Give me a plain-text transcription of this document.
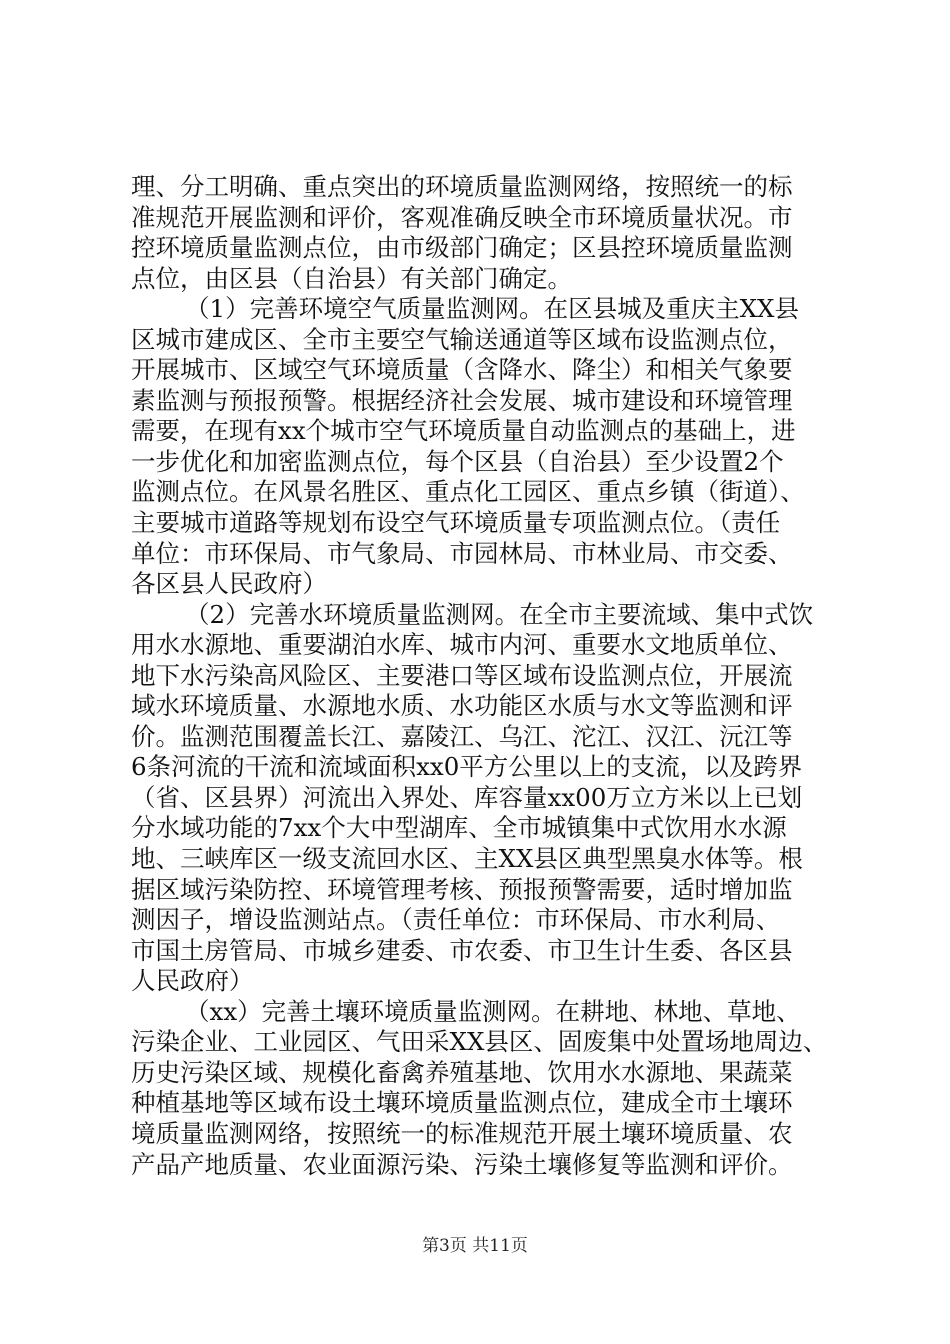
理、分工明确、重点突出的环境质量监测网络，按照统一的标
准规范开展监测和评价，客观准确反映全市环境质量状况。市
控环境质量监测点位，由市级部门确定；区县控环境质量监测
点位，由区县（自治县）有关部门确定。
（1）完善环境空气质量监测网。在区县城及重庆主XX县
区城市建成区、全市主要空气输送通道等区域布设监测点位，
开展城市、区域空气环境质量（含降水、降尘）和相关气象要
素监测与预报预警。根据经济社会发展、城市建设和环境管理
需要，在现有xx个城市空气环境质量自动监测点的基础上，进
一步优化和加密监测点位，每个区县（自治县）至少设置2个
监测点位。在风景名胜区、重点化工园区、重点乡镇（街道）、
主要城市道路等规划布设空气环境质量专项监测点位。（责任
单位：市环保局、市气象局、市园林局、市林业局、市交委、
各区县人民政府）
（2）完善水环境质量监测网。在全市主要流域、集中式饮
用水水源地、重要湖泊水库、城市内河、重要水文地质单位、
地下水污染高风险区、主要港口等区域布设监测点位，开展流
域水环境质量、水源地水质、水功能区水质与水文等监测和评
价。监测范围覆盖长江、嘉陵江、乌江、沱江、汉江、沅江等
6条河流的干流和流域面积xx0平方公里以上的支流，以及跨界
（省、区县界）河流出入界处、库容量xx00万立方米以上已划
分水域功能的7xx个大中型湖库、全市城镇集中式饮用水水源
地、三峡库区一级支流回水区、主XX县区典型黑臭水体等。根
据区域污染防控、环境管理考核、预报预警需要，适时增加监
测因子，增设监测站点。（责任单位：市环保局、市水利局、
市国土房管局、市城乡建委、市农委、市卫生计生委、各区县
人民政府）
（xx）完善土壤环境质量监测网。在耕地、林地、草地、
污染企业、工业园区、气田采XX县区、固废集中处置场地周边、
历史污染区域、规模化畜禽养殖基地、饮用水水源地、果蔬菜
种植基地等区域布设土壤环境质量监测点位，建成全市土壤环
境质量监测网络，按照统一的标准规范开展土壤环境质量、农
产品产地质量、农业面源污染、污染土壤修复等监测和评价。
第3页 共11页
